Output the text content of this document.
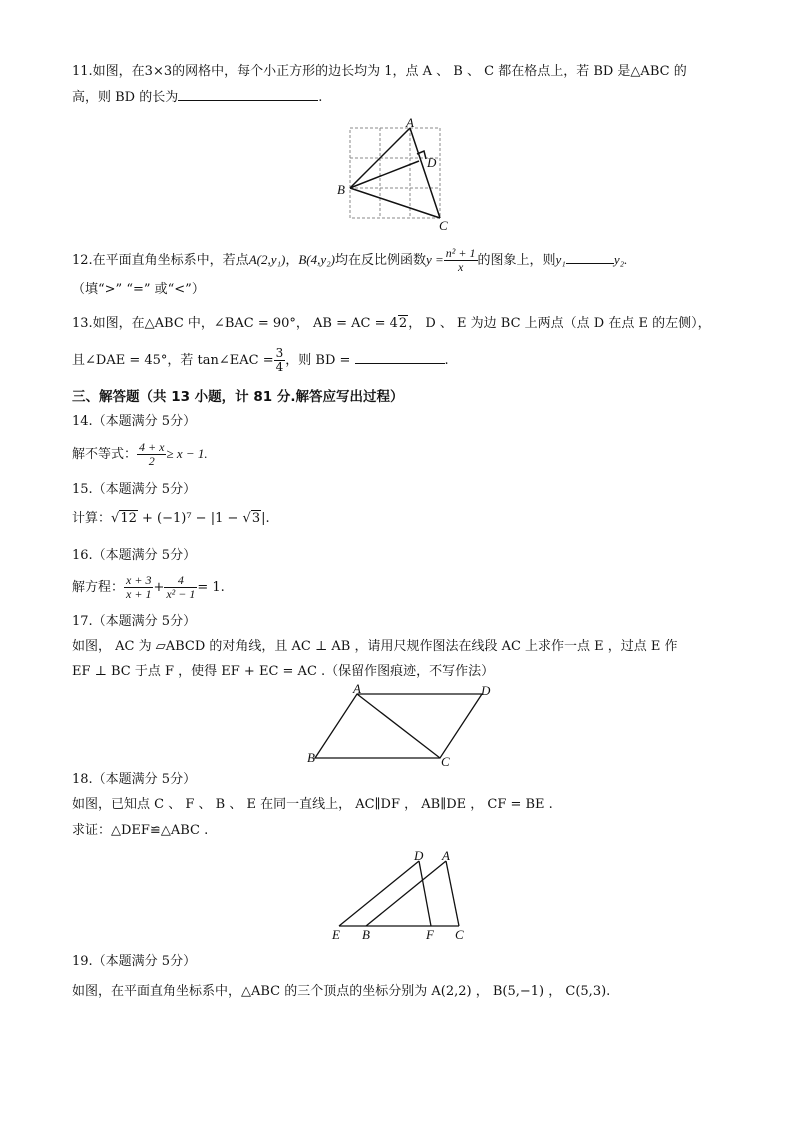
11.如图，在3×3的网格中，每个小正方形的边长均为 1，点 A 、 B 、 C 都在格点上，若 BD 是△ABC 的
高，则 BD 的长为	.
A
B
C
D
12.在平面直角坐标系中，若点A(2,y₁)，B(4,y₂)均在反比例函数$y = \frac{\text{n² + 1}}{x}$ 的图象上，则y₁	y₂.
（填“>” “=” 或“<”）
13.如图，在△ABC 中，∠BAC = 90°， AB = AC = 42， D 、 E 为边 BC 上两点（点 D 在点 E 的左侧），
且∠DAE = 45°，若 tan∠EAC = $\frac{3}{4}$ ，则 BD =	.
三、解答题（共 13 小题，计 81 分.解答应写出过程）
14.（本题满分 5分）
解不等式： $\frac{4 + x}{2} \ge x - 1$.
15.（本题满分 5分）
计算：√12 + (−1)⁷ − |1 − √3|.
16.（本题满分 5分）
解方程： $\frac{x + 3}{x + 1} + \frac{4}{\text{x² − 1}} = 1$.
17.（本题满分 5分）
如图， AC 为 ▱ABCD 的对角线，且 AC ⊥ AB ，请用尺规作图法在线段 AC 上求作一点 E ，过点 E 作
EF ⊥ BC 于点 F ，使得 EF + EC = AC .（保留作图痕迹，不写作法）
A	D
B	C
18.（本题满分 5分）
如图，已知点 C 、 F 、 B 、 E 在同一直线上， AC∥DF ， AB∥DE ， CF = BE .
求证：△DEF≌△ABC .
D A
E B	F C
19.（本题满分 5分）
如图，在平面直角坐标系中，△ABC 的三个顶点的坐标分别为 A(2,2) ， B(5,−1) ， C(5,3).
